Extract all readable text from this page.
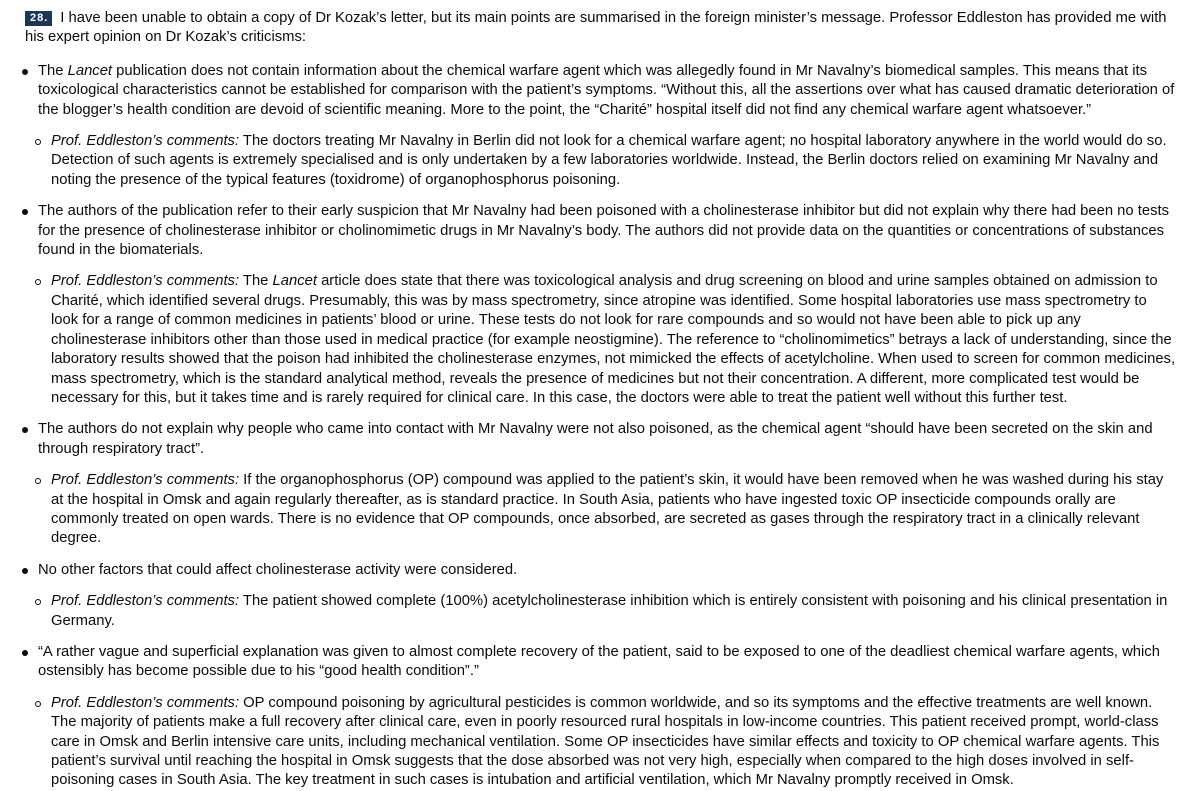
28. I have been unable to obtain a copy of Dr Kozak’s letter, but its main points are summarised in the foreign minister’s message. Professor Eddleston has provided me with his expert opinion on Dr Kozak’s criticisms:

The Lancet publication does not contain information about the chemical warfare agent which was allegedly found in Mr Navalny’s biomedical samples. This means that its toxicological characteristics cannot be established for comparison with the patient’s symptoms. “Without this, all the assertions over what has caused dramatic deterioration of the blogger’s health condition are devoid of scientific meaning. More to the point, the “Charité” hospital itself did not find any chemical warfare agent whatsoever.”
Prof. Eddleston’s comments: The doctors treating Mr Navalny in Berlin did not look for a chemical warfare agent; no hospital laboratory anywhere in the world would do so. Detection of such agents is extremely specialised and is only undertaken by a few laboratories worldwide. Instead, the Berlin doctors relied on examining Mr Navalny and noting the presence of the typical features (toxidrome) of organophosphorus poisoning.
The authors of the publication refer to their early suspicion that Mr Navalny had been poisoned with a cholinesterase inhibitor but did not explain why there had been no tests for the presence of cholinesterase inhibitor or cholinomimetic drugs in Mr Navalny’s body. The authors did not provide data on the quantities or concentrations of substances found in the biomaterials.
Prof. Eddleston’s comments: The Lancet article does state that there was toxicological analysis and drug screening on blood and urine samples obtained on admission to Charité, which identified several drugs. Presumably, this was by mass spectrometry, since atropine was identified. Some hospital laboratories use mass spectrometry to look for a range of common medicines in patients’ blood or urine. These tests do not look for rare compounds and so would not have been able to pick up any cholinesterase inhibitors other than those used in medical practice (for example neostigmine). The reference to “cholinomimetics” betrays a lack of understanding, since the laboratory results showed that the poison had inhibited the cholinesterase enzymes, not mimicked the effects of acetylcholine. When used to screen for common medicines, mass spectrometry, which is the standard analytical method, reveals the presence of medicines but not their concentration. A different, more complicated test would be necessary for this, but it takes time and is rarely required for clinical care. In this case, the doctors were able to treat the patient well without this further test.
The authors do not explain why people who came into contact with Mr Navalny were not also poisoned, as the chemical agent “should have been secreted on the skin and through respiratory tract”.
Prof. Eddleston’s comments: If the organophosphorus (OP) compound was applied to the patient’s skin, it would have been removed when he was washed during his stay at the hospital in Omsk and again regularly thereafter, as is standard practice. In South Asia, patients who have ingested toxic OP insecticide compounds orally are commonly treated on open wards. There is no evidence that OP compounds, once absorbed, are secreted as gases through the respiratory tract in a clinically relevant degree.
No other factors that could affect cholinesterase activity were considered.
Prof. Eddleston’s comments: The patient showed complete (100%) acetylcholinesterase inhibition which is entirely consistent with poisoning and his clinical presentation in Germany.
“A rather vague and superficial explanation was given to almost complete recovery of the patient, said to be exposed to one of the deadliest chemical warfare agents, which ostensibly has become possible due to his “good health condition”.”
Prof. Eddleston’s comments: OP compound poisoning by agricultural pesticides is common worldwide, and so its symptoms and the effective treatments are well known. The majority of patients make a full recovery after clinical care, even in poorly resourced rural hospitals in low-income countries. This patient received prompt, world-class care in Omsk and Berlin intensive care units, including mechanical ventilation. Some OP insecticides have similar effects and toxicity to OP chemical warfare agents. This patient’s survival until reaching the hospital in Omsk suggests that the dose absorbed was not very high, especially when compared to the high doses involved in self-poisoning cases in South Asia. The key treatment in such cases is intubation and artificial ventilation, which Mr Navalny promptly received in Omsk.
